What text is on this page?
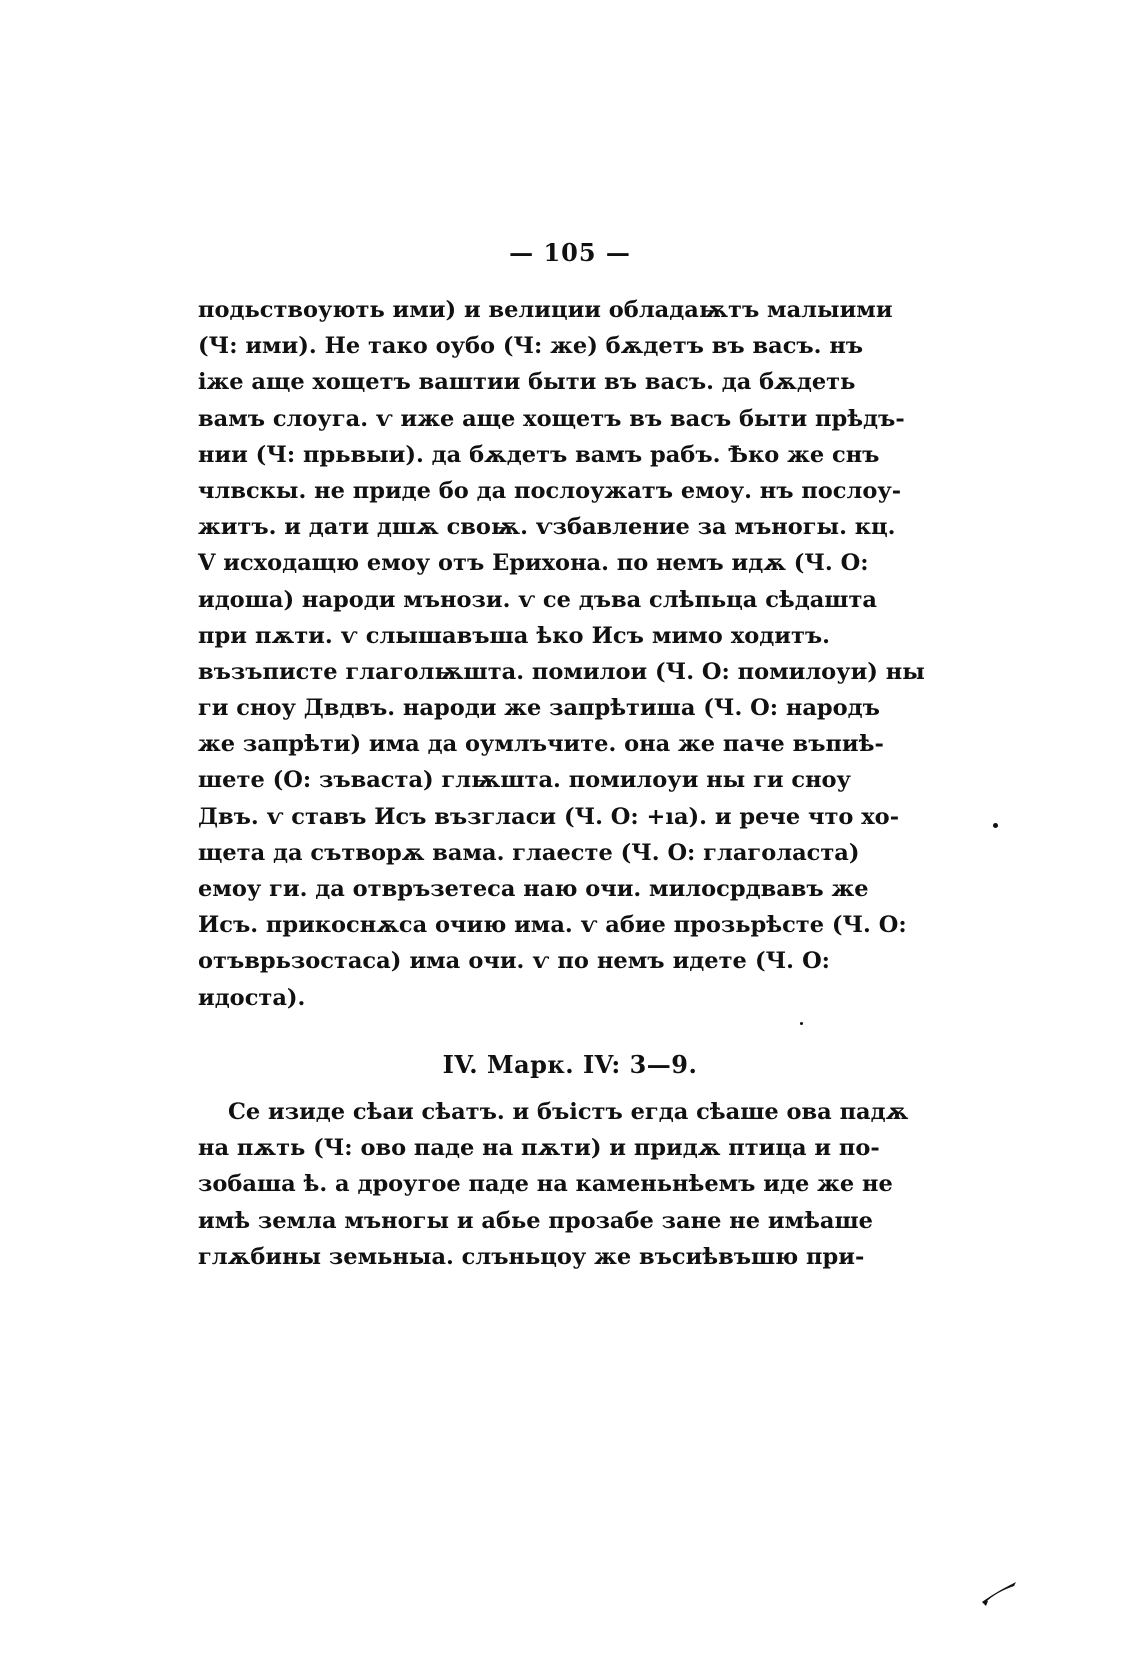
— 105 —
подьствоують ими) и велиции обладаѭтъ малыими
(Ч: ими). Не тако оубо (Ч: же) бѫдетъ въ васъ. нъ
іже аще хощетъ ваштии быти въ васъ. да бѫдеть
вамъ слоуга. ѵ иже аще хощетъ въ васъ быти прѣдъ-
нии (Ч: прьвыи). да бѫдетъ вамъ рабъ. Ѣко же снъ
члвскы. не приде бо да послоужатъ емоу. нъ послоу-
житъ. и дати дшѫ своѭ. ѵзбавление за мъногы. кц.
V исходащю емоу отъ Ерихона. по немъ идѫ (Ч. О:
идоша) народи мънози. ѵ се дъва слѣпьца сѣдашта
при пѫти. ѵ слышавъша ѣко Исъ мимо ходитъ.
възъписте глаголѭшта. помилои (Ч. О: помилоуи) ны
ги сноу Двдвъ. народи же запрѣтиша (Ч. О: народъ
же запрѣти) има да оумлъчите. она же паче въпиѣ-
шете (О: зъваста) глѭшта. помилоуи ны ги сноу
Двъ. ѵ ставъ Исъ възгласи (Ч. О: +ıa). и рече что хо-
щета да сътворѫ вама. глаесте (Ч. О: глаголаста)
емоу ги. да отвръзетеса наю очи. милосрдвавъ же
Исъ. прикоснѫса очию има. ѵ абие прозьрѣсте (Ч. О:
отъврьзостаса) има очи. ѵ по немъ идете (Ч. О:
идоста).
IV. Марк. IV: 3—9.
Се изиде сѣаи сѣатъ. и бъістъ егда сѣаше ова падѫ
на пѫть (Ч: ово паде на пѫти) и придѫ птица и по-
зобаша ѣ. а дроугое паде на каменьнѣемъ иде же не
имѣ земла мъногы и абье прозабе зане не имѣаше
глѫбины земьныа. слъньцоу же въсиѣвъшю при-
